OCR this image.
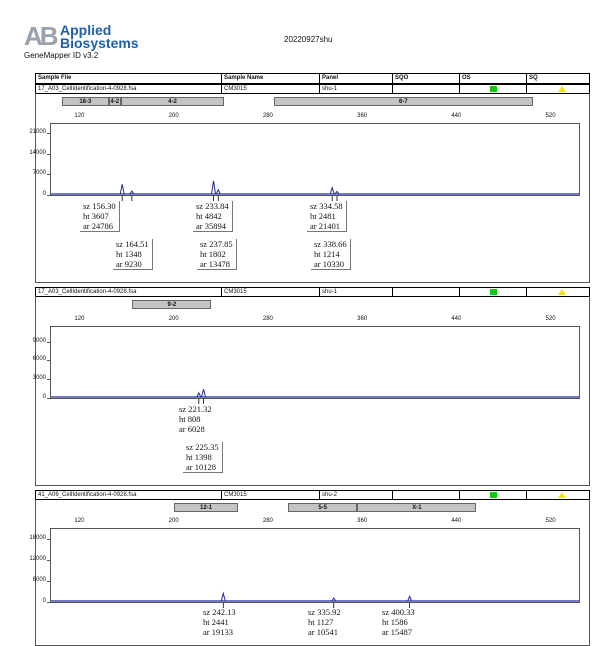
AB Applied
Biosystems
GeneMapper ID v3.2
20220927shu
Sample File	Sample Name	Panel	SQO	OS	SQ
17_A03_CellIdentification-4-0928.fsa	CM3015	shu-1
18-3	4-2	4-2	6-7
120	200	280	360	440	520
0
7000
14000
21000
sz 156.30
ht 3607
ar 24786
sz 164.51
ht 1348
ar 9230
sz 233.84
ht 4842
ar 35894
sz 237.85
ht 1802
ar 13478
sz 334.58
ht 2481
ar 21401
sz 338.66
ht 1214
ar 10330
17_A03_CellIdentification-4-0928.fsa	CM3015	shu-1
9-2
120	200	280	360	440	520
0
3000
6000
9000
sz 221.32
ht 808
ar 6028
sz 225.35
ht 1398
ar 10128
41_A06_CellIdentification-4-0928.fsa	CM3015	shu-2
12-1	5-5	X-1
120	200	280	360	440	520
0
6000
12000
18000
sz 242.13
ht 2441
ar 19133
sz 335.92
ht 1127
ar 10541
sz 400.33
ht 1586
ar 15487
